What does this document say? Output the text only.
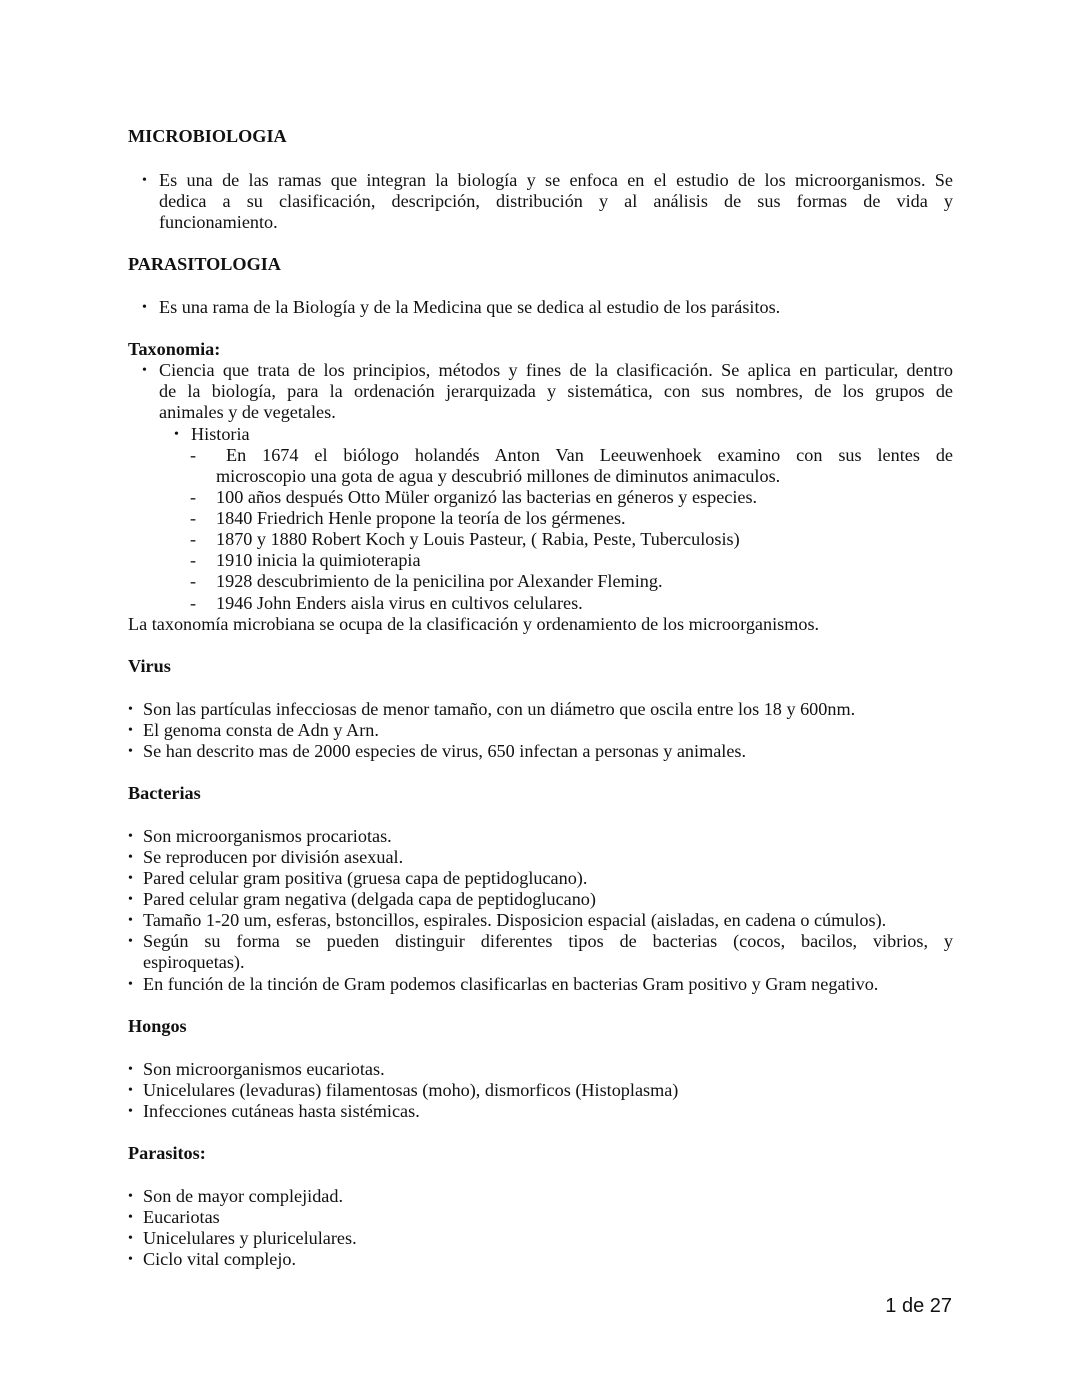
MICROBIOLOGIA
• Es una de las ramas que integran la biología y se enfoca en el estudio de los microorganismos. Se
dedica a su clasificación, descripción, distribución y al análisis de sus formas de vida y
funcionamiento.
PARASITOLOGIA
• Es una rama de la Biología y de la Medicina que se dedica al estudio de los parásitos.
Taxonomia:
• Ciencia que trata de los principios, métodos y fines de la clasificación. Se aplica en particular, dentro
de la biología, para la ordenación jerarquizada y sistemática, con sus nombres, de los grupos de
animales y de vegetales.
• Historia
-	En 1674 el biólogo holandés Anton Van Leeuwenhoek examino con sus lentes de
microscopio una gota de agua y descubrió millones de diminutos animaculos.
- 100 años después Otto Müler organizó las bacterias en géneros y especies.
- 1840 Friedrich Henle propone la teoría de los gérmenes.
- 1870 y 1880 Robert Koch y Louis Pasteur, ( Rabia, Peste, Tuberculosis)
- 1910 inicia la quimioterapia
- 1928 descubrimiento de la penicilina por Alexander Fleming.
- 1946 John Enders aisla virus en cultivos celulares.
La taxonomía microbiana se ocupa de la clasificación y ordenamiento de los microorganismos.
Virus
• Son las partículas infecciosas de menor tamaño, con un diámetro que oscila entre los 18 y 600nm.
• El genoma consta de Adn y Arn.
• Se han descrito mas de 2000 especies de virus, 650 infectan a personas y animales.
Bacterias
• Son microorganismos procariotas.
• Se reproducen por división asexual.
• Pared celular gram positiva (gruesa capa de peptidoglucano).
• Pared celular gram negativa (delgada capa de peptidoglucano)
• Tamaño 1-20 um, esferas, bstoncillos, espirales. Disposicion espacial (aisladas, en cadena o cúmulos).
• Según su forma se pueden distinguir diferentes tipos de bacterias (cocos, bacilos, vibrios, y
espiroquetas).
• En función de la tinción de Gram podemos clasificarlas en bacterias Gram positivo y Gram negativo.
Hongos
• Son microorganismos eucariotas.
• Unicelulares (levaduras) filamentosas (moho), dismorficos (Histoplasma)
• Infecciones cutáneas hasta sistémicas.
Parasitos:
• Son de mayor complejidad.
• Eucariotas
• Unicelulares y pluricelulares.
• Ciclo vital complejo.
1 de 27
